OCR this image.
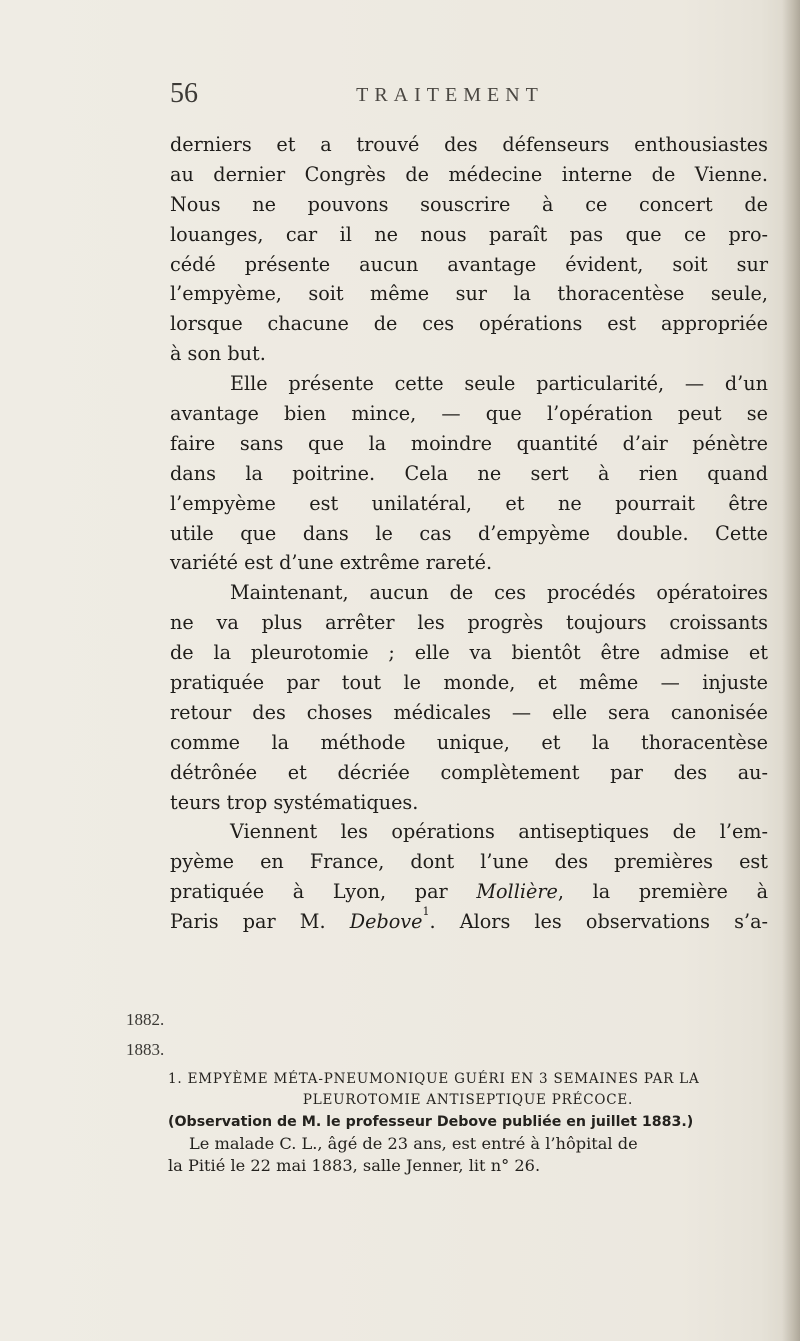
56	TRAITEMENT
derniers et a trouvé des défenseurs enthousiastes
au dernier Congrès de médecine interne de Vienne.
Nous ne pouvons souscrire à ce concert de
louanges, car il ne nous paraît pas que ce pro-
cédé présente aucun avantage évident, soit sur
l’empyème, soit même sur la thoracentèse seule,
lorsque chacune de ces opérations est appropriée
à son but.
Elle présente cette seule particularité, — d’un
avantage bien mince, — que l’opération peut se
faire sans que la moindre quantité d’air pénètre
dans la poitrine. Cela ne sert à rien quand
l’empyème est unilatéral, et ne pourrait être
utile que dans le cas d’empyème double. Cette
variété est d’une extrême rareté.
Maintenant, aucun de ces procédés opératoires
ne va plus arrêter les progrès toujours croissants
de la pleurotomie ; elle va bientôt être admise et
pratiquée par tout le monde, et même — injuste
retour des choses médicales — elle sera canonisée
comme la méthode unique, et la thoracentèse
détrônée et décriée complètement par des au-
teurs trop systématiques.
Viennent les opérations antiseptiques de l’em-
pyème en France, dont l’une des premières est
pratiquée à Lyon, par Mollière, la première à
Paris par M. Debove$^1$. Alors les observations s’a-
1882.
1883.
1. EMPYÈME MÉTA-PNEUMONIQUE GUÉRI EN 3 SEMAINES PAR LA
PLEUROTOMIE ANTISEPTIQUE PRÉCOCE.
(Observation de M. le professeur Debove publiée en juillet 1883.)
Le malade C. L., âgé de 23 ans, est entré à l’hôpital de
la Pitié le 22 mai 1883, salle Jenner, lit n° 26.
